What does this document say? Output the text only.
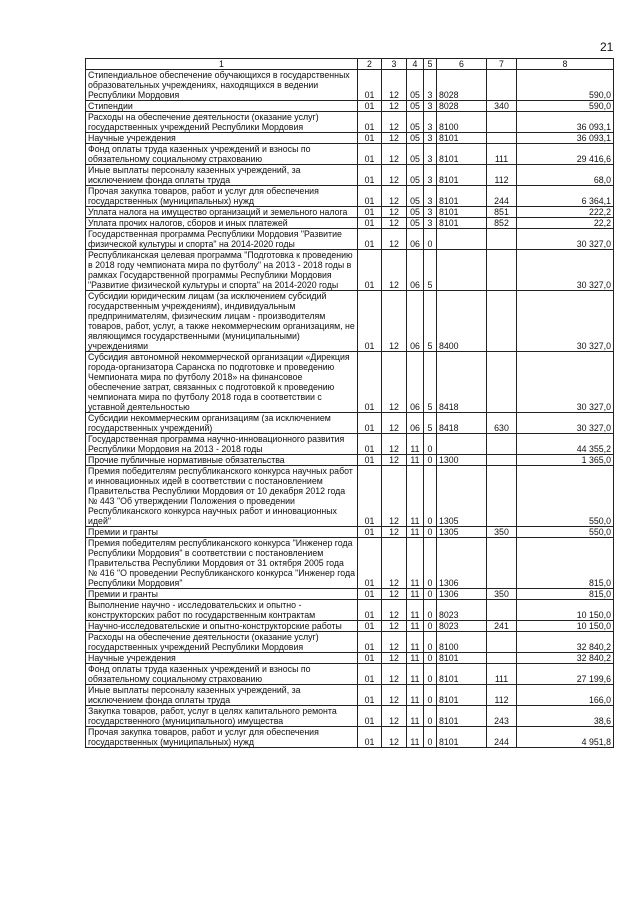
21
1	2	3	4	5	6	7	8
Стипендиальное обеспечение обучающихся в государственных образовательных учреждениях, находящихся в ведении Республики Мордовия	01	12	05	3	8028		590,0
Стипендии	01	12	05	3	8028	340	590,0
Расходы на обеспечение деятельности (оказание услуг) государственных учреждений Республики Мордовия	01	12	05	3	8100		36 093,1
Научные учреждения	01	12	05	3	8101		36 093,1
Фонд оплаты труда казенных учреждений и взносы по обязательному социальному страхованию	01	12	05	3	8101	111	29 416,6
Иные выплаты персоналу казенных учреждений, за исключением фонда оплаты труда	01	12	05	3	8101	112	68,0
Прочая закупка товаров, работ и услуг для обеспечения государственных (муниципальных) нужд	01	12	05	3	8101	244	6 364,1
Уплата налога на имущество организаций и земельного налога	01	12	05	3	8101	851	222,2
Уплата прочих налогов, сборов и иных платежей	01	12	05	3	8101	852	22,2
Государственная программа Республики Мордовия "Развитие физической культуры и спорта" на 2014-2020 годы	01	12	06	0			30 327,0
Республиканская целевая программа "Подготовка к проведению в 2018 году чемпионата мира по футболу" на 2013 - 2018 годы в рамках Государственной программы Республики Мордовия "Развитие физической культуры и спорта" на 2014-2020 годы	01	12	06	5			30 327,0
Субсидии юридическим лицам (за исключением субсидий государственным учреждениям), индивидуальным предпринимателям, физическим лицам - производителям товаров, работ, услуг, а также некоммерческим организациям, не являющимся государственными (муниципальными) учреждениями	01	12	06	5	8400		30 327,0
Субсидия автономной некоммерческой организации «Дирекция города-организатора Саранска по подготовке и проведению Чемпионата мира по футболу 2018» на финансовое обеспечение затрат, связанных с подготовкой к проведению чемпионата мира по футболу 2018 года в соответствии с уставной деятельностью	01	12	06	5	8418		30 327,0
Субсидии некоммерческим организациям (за исключением государственных учреждений)	01	12	06	5	8418	630	30 327,0
Государственная программа научно-инновационного развития Республики Мордовия на 2013 - 2018 годы	01	12	11	0			44 355,2
Прочие публичные нормативные обязательства	01	12	11	0	1300		1 365,0
Премия победителям республиканского конкурса научных работ и инновационных идей в соответствии с постановлением Правительства Республики Мордовия от 10 декабря 2012 года № 443 "Об утверждении Положения о проведении Республиканского конкурса научных работ и инновационных идей"	01	12	11	0	1305		550,0
Премии и гранты	01	12	11	0	1305	350	550,0
Премия победителям республиканского конкурса "Инженер года Республики Мордовия" в соответствии с постановлением Правительства Республики Мордовия от 31 октября 2005 года № 416 "О проведении Республиканского конкурса "Инженер года Республики Мордовия"	01	12	11	0	1306		815,0
Премии и гранты	01	12	11	0	1306	350	815,0
Выполнение научно - исследовательских и опытно - конструкторских работ по государственным контрактам	01	12	11	0	8023		10 150,0
Научно-исследовательские и опытно-конструкторские работы	01	12	11	0	8023	241	10 150,0
Расходы на обеспечение деятельности (оказание услуг) государственных учреждений Республики Мордовия	01	12	11	0	8100		32 840,2
Научные учреждения	01	12	11	0	8101		32 840,2
Фонд оплаты труда казенных учреждений и взносы по обязательному социальному страхованию	01	12	11	0	8101	111	27 199,6
Иные выплаты персоналу казенных учреждений, за исключением фонда оплаты труда	01	12	11	0	8101	112	166,0
Закупка товаров, работ, услуг в целях капитального ремонта государственного (муниципального) имущества	01	12	11	0	8101	243	38,6
Прочая закупка товаров, работ и услуг для обеспечения государственных (муниципальных) нужд	01	12	11	0	8101	244	4 951,8
